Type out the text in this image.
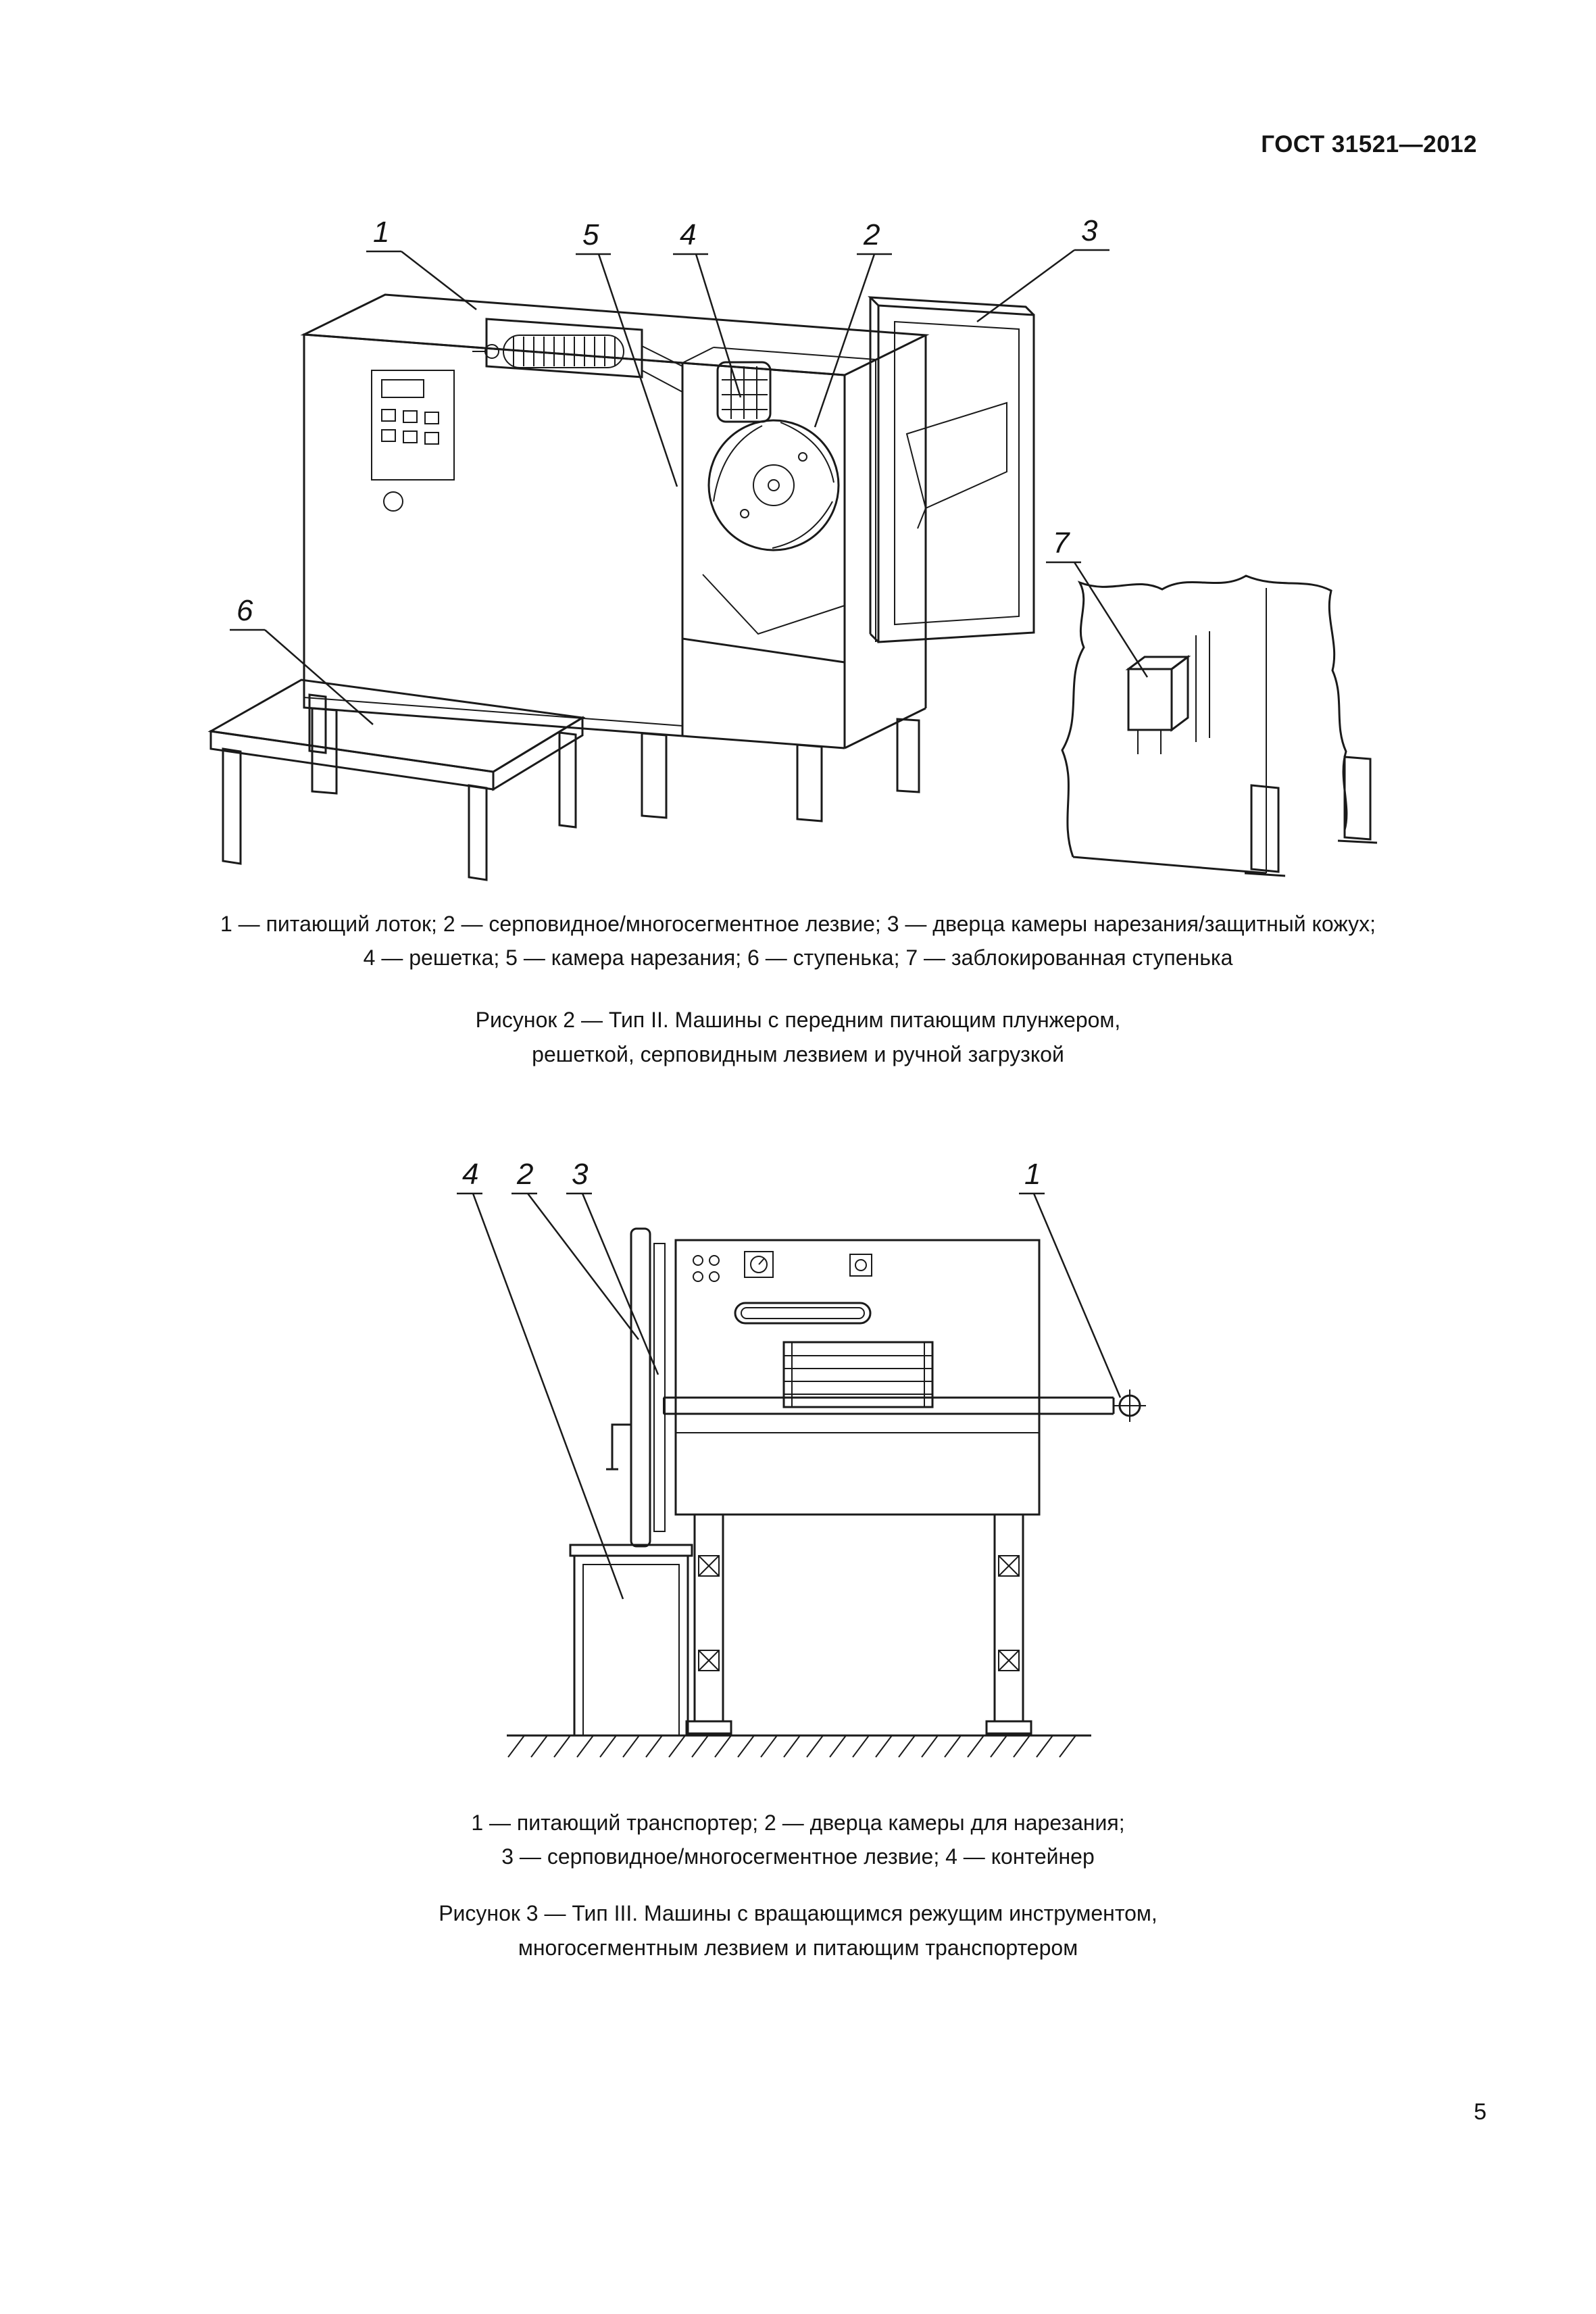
ГОСТ 31521—2012
1	5	4	2	3
6
7
1 — питающий лоток; 2 — серповидное/многосегментное лезвие; 3 — дверца камеры нарезания/защитный кожух;
4 — решетка; 5 — камера нарезания; 6 — ступенька; 7 — заблокированная ступенька
Рисунок 2 — Тип II. Машины с передним питающим плунжером,
решеткой, серповидным лезвием и ручной загрузкой
4 2 3	1
1 — питающий транспортер; 2 — дверца камеры для нарезания;
3 — серповидное/многосегментное лезвие; 4 — контейнер
Рисунок 3 — Тип III. Машины с вращающимся режущим инструментом,
многосегментным лезвием и питающим транспортером
5
